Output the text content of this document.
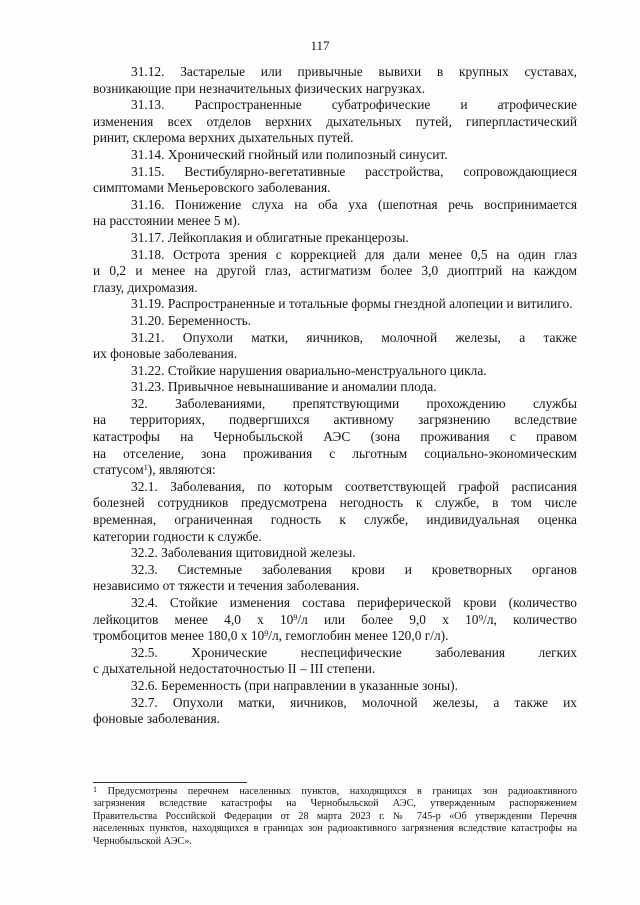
117
31.12. Застарелые или привычные вывихи в крупных суставах,
возникающие при незначительных физических нагрузках.
31.13. Распространенные субатрофические и атрофические
изменения всех отделов верхних дыхательных путей, гиперпластический
ринит, склерома верхних дыхательных путей.
31.14. Хронический гнойный или полипозный синусит.
31.15. Вестибулярно-вегетативные расстройства, сопровождающиеся
симптомами Меньеровского заболевания.
31.16. Понижение слуха на оба уха (шепотная речь воспринимается
на расстоянии менее 5 м).
31.17. Лейкоплакия и облигатные преканцерозы.
31.18. Острота зрения с коррекцией для дали менее 0,5 на один глаз
и 0,2 и менее на другой глаз, астигматизм более 3,0 диоптрий на каждом
глазу, дихромазия.
31.19. Распространенные и тотальные формы гнездной алопеции и витилиго.
31.20. Беременность.
31.21. Опухоли матки, яичников, молочной железы, а также
их фоновые заболевания.
31.22. Стойкие нарушения овариально-менструального цикла.
31.23. Привычное невынашивание и аномалии плода.
32. Заболеваниями, препятствующими прохождению службы
на территориях, подвергшихся активному загрязнению вследствие
катастрофы на Чернобыльской АЭС (зона проживания с правом
на отселение, зона проживания с льготным социально-экономическим
статусом$^1$), являются:
32.1. Заболевания, по которым соответствующей графой расписания
болезней сотрудников предусмотрена негодность к службе, в том числе
временная, ограниченная годность к службе, индивидуальная оценка
категории годности к службе.
32.2. Заболевания щитовидной железы.
32.3. Системные заболевания крови и кроветворных органов
независимо от тяжести и течения заболевания.
32.4. Стойкие изменения состава периферической крови (количество
лейкоцитов менее 4,0 x $10^9/л$ или более 9,0 x 10⁹/л, количество
тромбоцитов менее 180,0 x $10^9/л$, гемоглобин менее 120,0 г/л).
32.5. Хронические неспецифические заболевания легких
с дыхательной недостаточностью II – III степени.
32.6. Беременность (при направлении в указанные зоны).
32.7. Опухоли матки, яичников, молочной железы, а также их
фоновые заболевания.
$^1$ Предусмотрены перечнем населенных пунктов, находящихся в границах зон радиоактивного
загрязнения вследствие катастрофы на Чернобыльской АЭС, утвержденным распоряжением
Правительства Российской Федерации от 28 марта 2023 г. № 745-р «Об утверждении Перечня
населенных пунктов, находящихся в границах зон радиоактивного загрязнения вследствие катастрофы на
Чернобыльской АЭС».
